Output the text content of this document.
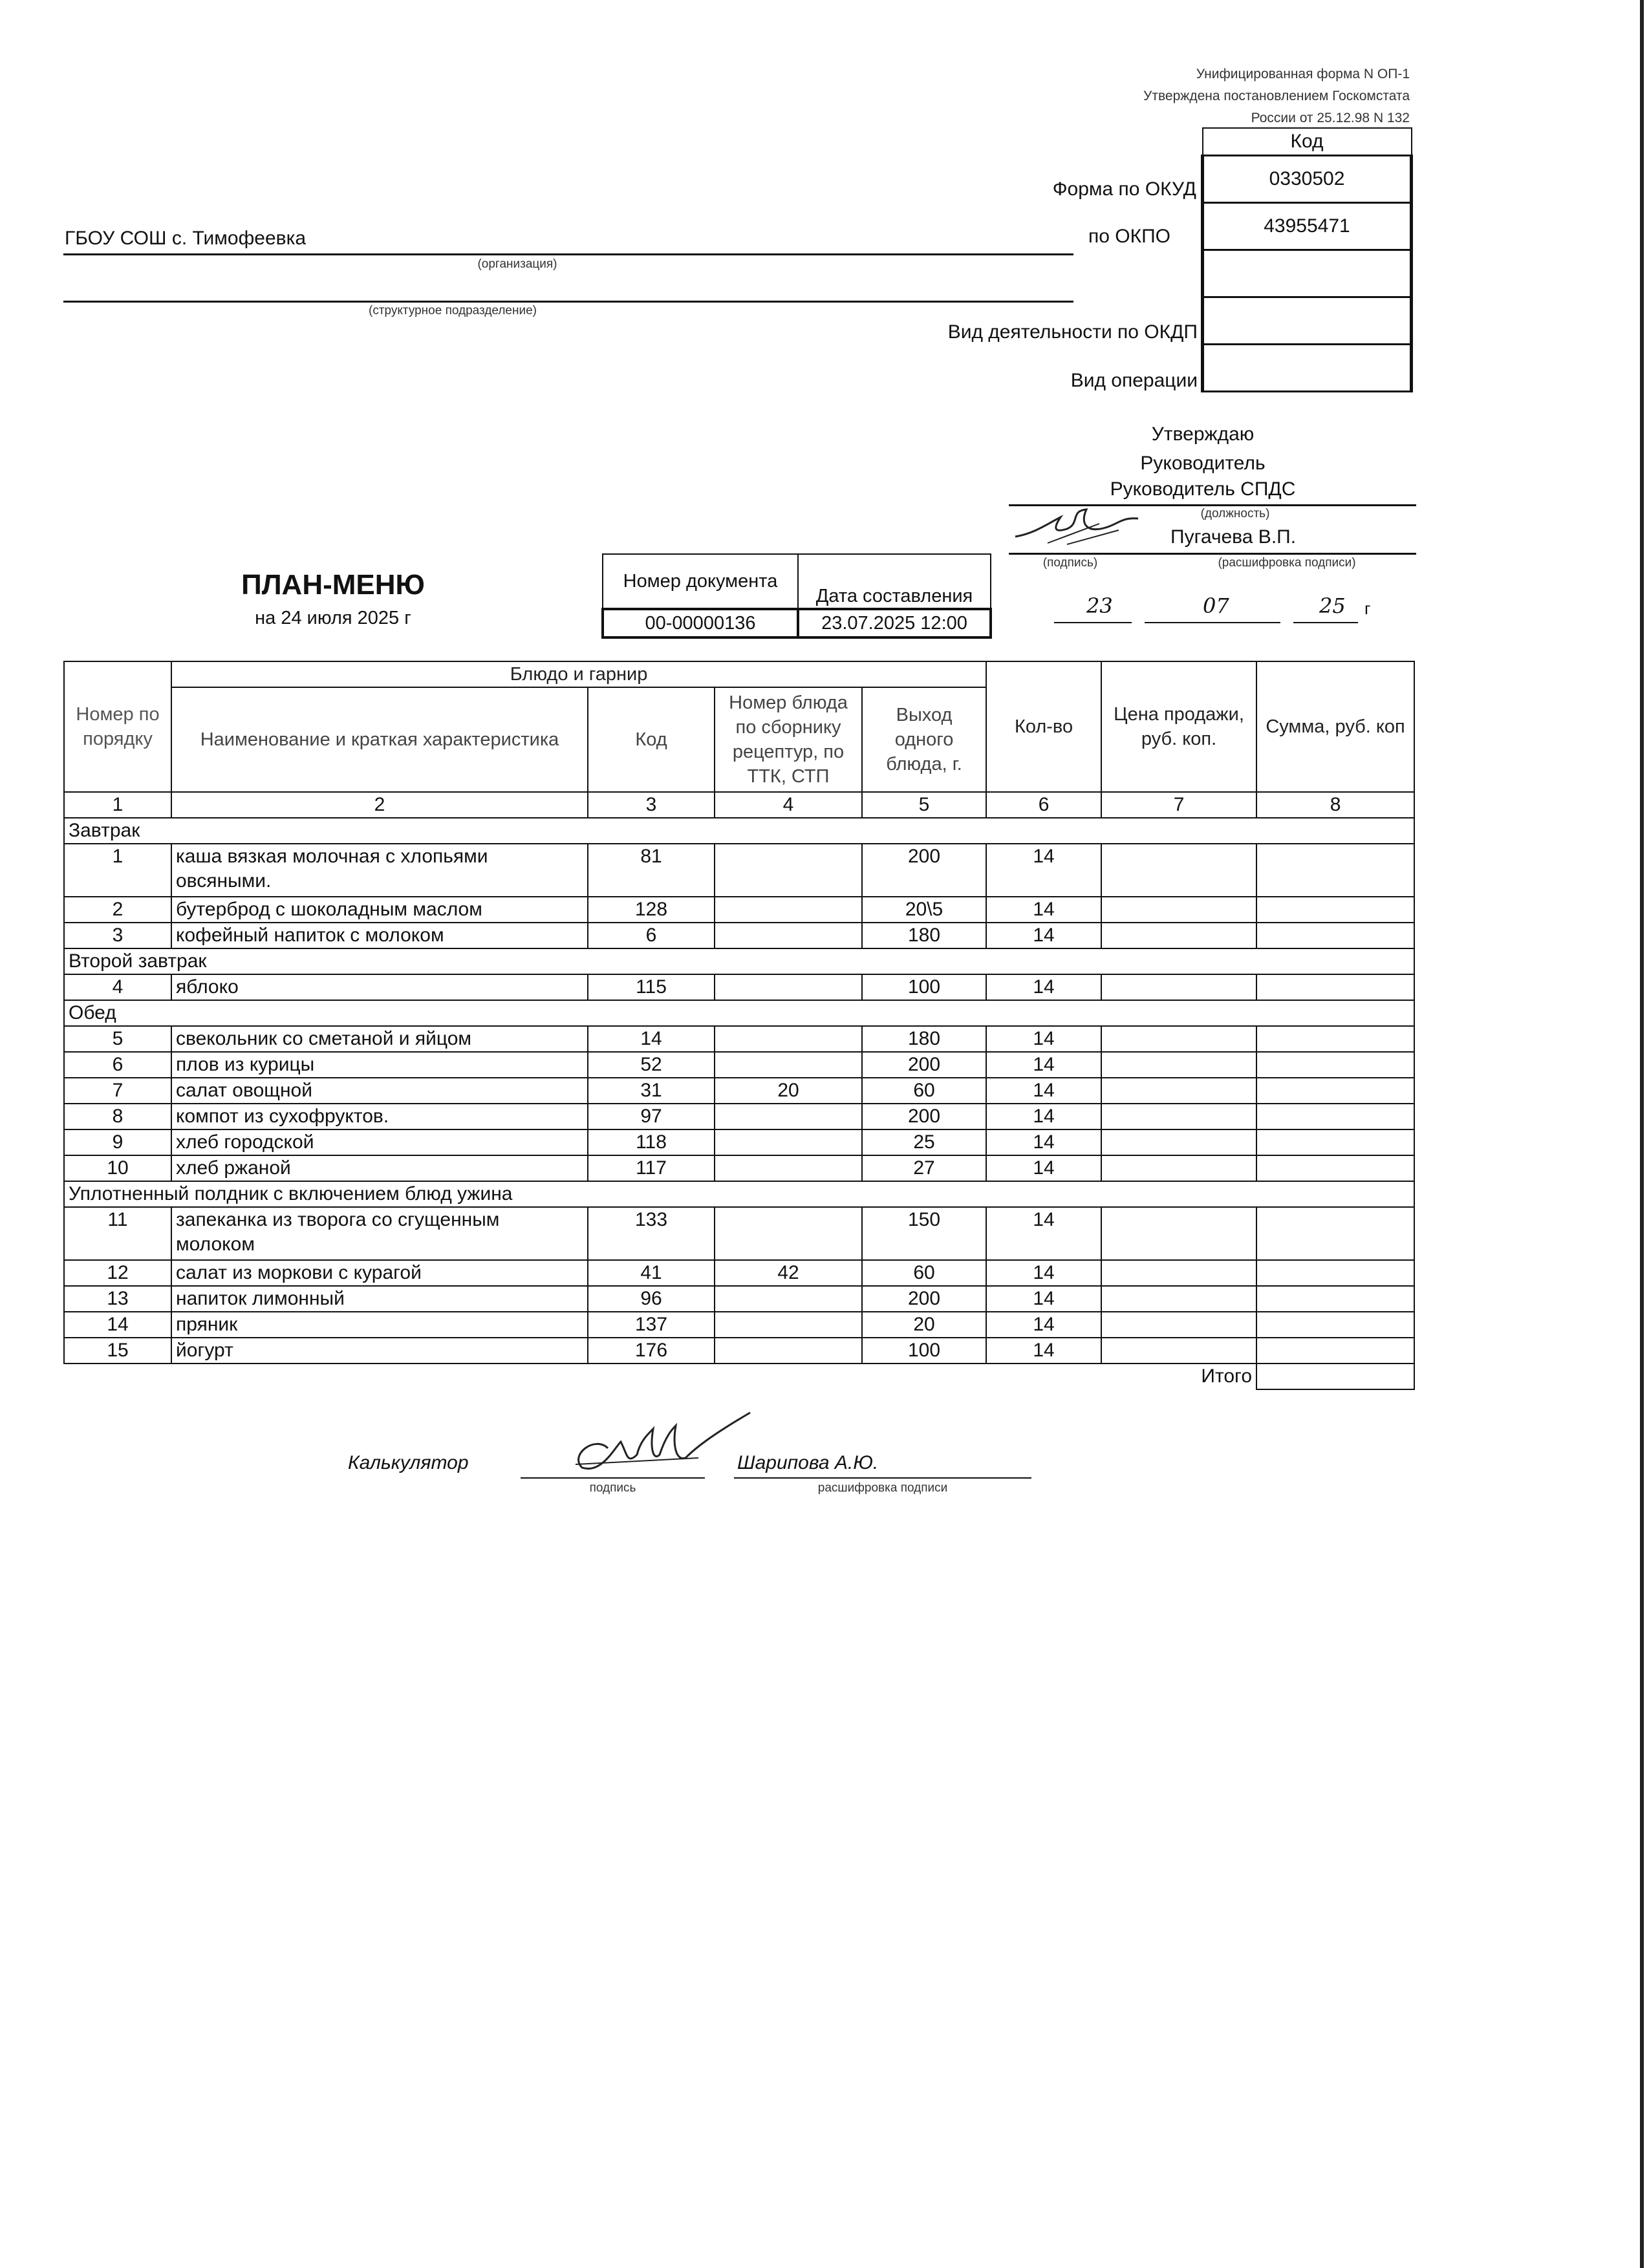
Унифицированная форма N ОП-1
Утверждена постановлением Госкомстата
России от 25.12.98 N 132
Код
0330502
43955471

Форма по ОКУД
по ОКПО
Вид деятельности по ОКДП
Вид операции
ГБОУ СОШ с. Тимофеевка
(организация)
(структурное подразделение)
Утверждаю
Руководитель
Руководитель СПДС
(должность)
Пугачева В.П.
(подпись)	(расшифровка подписи)
23	07	25 г
ПЛАН-МЕНЮ
на 24 июля 2025 г
Номер документа	Дата составления
00-00000136	23.07.2025 12:00
Номер по порядку	Блюдо и гарнир				Кол-во	Цена продажи, руб. коп.	Сумма, руб. коп
	Наименование и краткая характеристика	Код	Номер блюда по сборнику рецептур, по ТТК, СТП	Выход одного блюда, г.			
1	2	3	4	5	6	7	8
Завтрак							
1	каша вязкая молочная с хлопьями овсяными.	81		200	14		
2	бутерброд с шоколадным маслом	128		20\5	14		
3	кофейный напиток с молоком	6		180	14		
Второй завтрак							
4	яблоко	115		100	14		
Обед							
5	свекольник со сметаной и яйцом	14		180	14		
6	плов из курицы	52		200	14		
7	салат овощной	31	20	60	14		
8	компот из сухофруктов.	97		200	14		
9	хлеб городской	118		25	14		
10	хлеб ржаной	117		27	14		
Уплотненный полдник с включением блюд ужина							
11	запеканка из творога со сгущенным молоком	133		150	14		
12	салат из моркови с курагой	41	42	60	14		
13	напиток лимонный	96		200	14		
14	пряник	137		20	14		
15	йогурт	176		100	14		
Итого							
Калькулятор	Шарипова А.Ю.
подпись	расшифровка подписи
